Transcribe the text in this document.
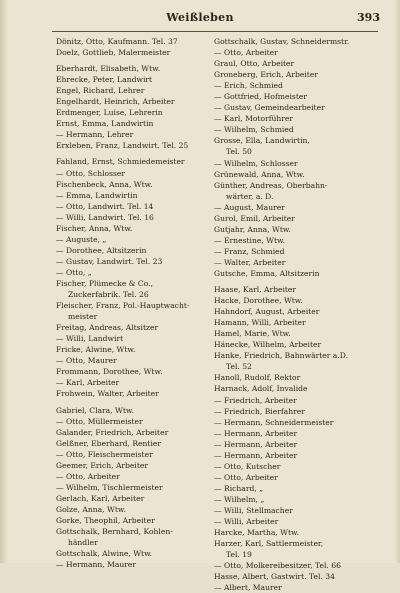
Weißleben	393
Dönitz, Otto, Kaufmann. Tel. 37
Doelz, Gottlieb, Malermeister
Eberhardt, Elisabeth, Wtw.
Ehrecke, Peter, Landwirt
Engel, Richard, Lehrer
Engelhardt, Heinrich, Arbeiter
Erdmenger, Luise, Lehrerin
Ernst, Emma, Landwirtin
— Hermann, Lehrer
Erxleben, Franz, Landwirt. Tel. 25
Fahland, Ernst, Schmiedemeister
— Otto, Schlosser
Fischenbeck, Anna, Wtw.
— Emma, Landwirtin
— Otto, Landwirt. Tel. 14
— Willi, Landwirt. Tel. 16
Fischer, Anna, Wtw.
— Auguste, „
— Dorothee, Altsitzerin
— Gustav, Landwirt. Tel. 23
— Otto, „
Fischer, Plümecke & Co.,
Zuckerfabrik. Tel. 26
Fleischer, Franz, Pol.-Hauptwacht-
meister
Freitag, Andreas, Altsitzer
— Willi, Landwirt
Fricke, Alwine, Wtw.
— Otto, Maurer
Frommann, Dorothee, Wtw.
— Karl, Arbeiter
Frohwein, Walter, Arbeiter
Gabriel, Clara, Wtw.
— Otto, Müllermeister
Galander, Friedrich, Arbeiter
Gelßner, Eberhard, Rentier
— Otto, Fleischermeister
Geemer, Erich, Arbeiter
— Otto, Arbeiter
— Wilhelm, Tischlermeister
Gerlach, Karl, Arbeiter
Golze, Anna, Wtw.
Gorke, Theophil, Arbeiter
Gottschalk, Bernhard, Kohlen-
händler
Gottschalk, Alwine, Wtw.
— Hermann, Maurer
Gottschalk, Gustav, Schneidermstr.
— Otto, Arbeiter
Graul, Otto, Arbeiter
Groneberg, Erich, Arbeiter
— Erich, Schmied
— Gottfried, Hofmeister
— Gustav, Gemeindearbeiter
— Karl, Motorführer
— Wilhelm, Schmied
Grosse, Ella, Landwirtin,
Tel. 50
— Wilhelm, Schlosser
Grünewald, Anna, Wtw.
Günther, Andreas, Oberbahn-
wärter, a. D.
— August, Maurer
Gurol, Emil, Arbeiter
Gutjahr, Anna, Wtw.
— Ernestine, Wtw.
— Franz, Schmied
— Walter, Arbeiter
Gutsche, Emma, Altsitzerin
Haase, Karl, Arbeiter
Hacke, Dorothee, Wtw.
Hahndorf, August, Arbeiter
Hamann, Willi, Arbeiter
Hamel, Marie, Wtw.
Hänecke, Wilhelm, Arbeiter
Hanke, Friedrich, Bahnwärter a.D.
Tel. 52
Hanoll, Rudolf, Rektor
Harnack, Adolf, Invalide
— Friedrich, Arbeiter
— Friedrich, Bierfahrer
— Hermann, Schneidermeister
— Hermann, Arbeiter
— Hermann, Arbeiter
— Hermann, Arbeiter
— Otto, Kutscher
— Otto, Arbeiter
— Richard, „
— Wilhelm, „
— Willi, Stellmacher
— Willi, Arbeiter
Harcke, Martha, Wtw.
Harzer, Karl, Sattlermeister,
Tel. 19
— Otto, Molkereibesitzer, Tel. 66
Hasse, Albert, Gastwirt. Tel. 34
— Albert, Maurer
